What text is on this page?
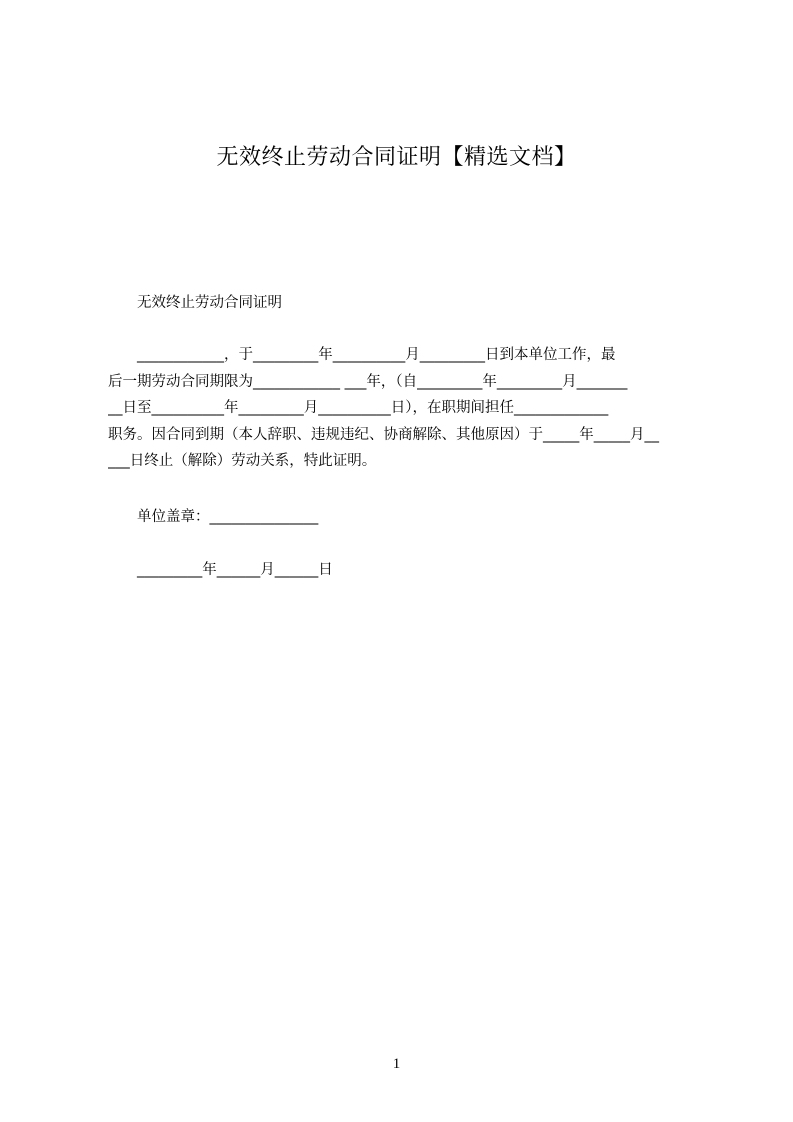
无效终止劳动合同证明【精选文档】
无效终止劳动合同证明
____________，于_________年__________月_________日到本单位工作，最
后一期劳动合同期限为____________ ___年，（自_________年_________月_______
__日至__________年_________月__________日），在职期间担任_____________
职务。因合同到期（本人辞职、违规违纪、协商解除、其他原因）于_____年_____月__
___日终止（解除）劳动关系，特此证明。
单位盖章：_______________
_________年______月______日
1
